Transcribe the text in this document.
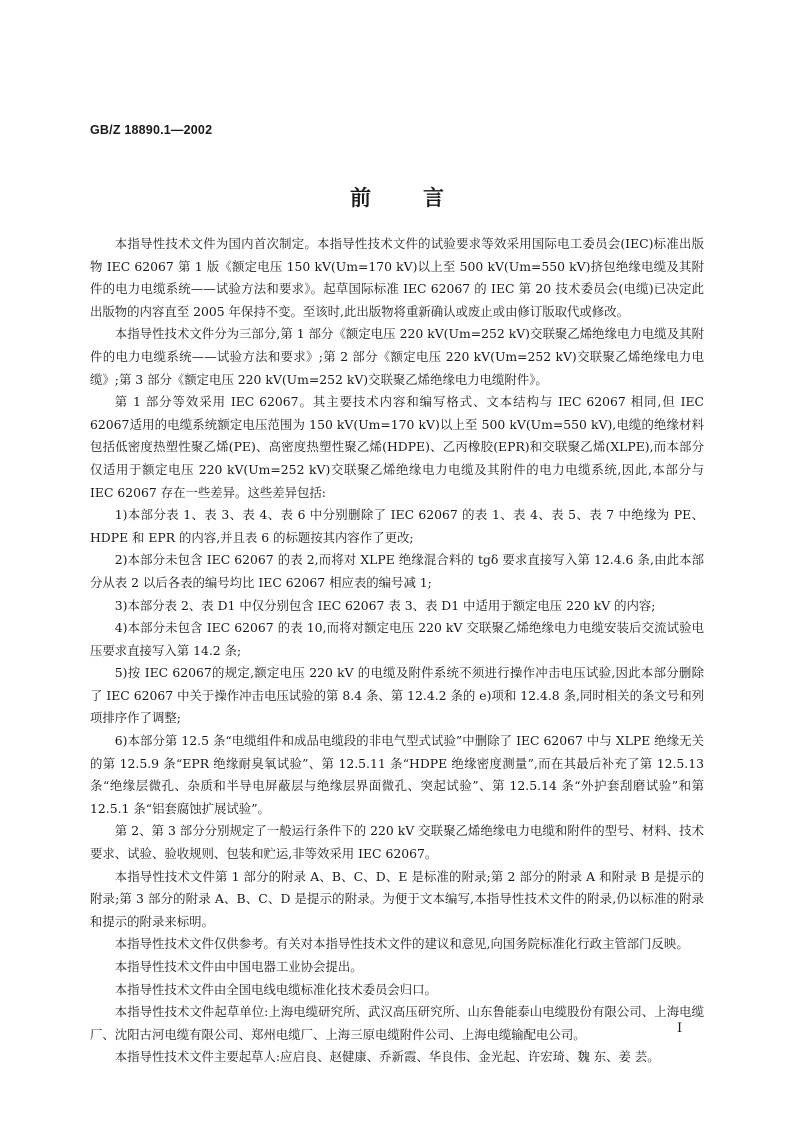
GB/Z 18890.1—2002
前言

本指导性技术文件为国内首次制定。本指导性技术文件的试验要求等效采用国际电工委员会(IEC)标准出版物 IEC 62067 第 1 版《额定电压 150 kV(Um=170 kV)以上至 500 kV(Um=550 kV)挤包绝缘电缆及其附件的电力电缆系统——试验方法和要求》。起草国际标准 IEC 62067 的 IEC 第 20 技术委员会(电缆)已决定此出版物的内容直至 2005 年保持不变。至该时,此出版物将重新确认或废止或由修订版取代或修改。

本指导性技术文件分为三部分,第 1 部分《额定电压 220 kV(Um=252 kV)交联聚乙烯绝缘电力电缆及其附件的电力电缆系统——试验方法和要求》;第 2 部分《额定电压 220 kV(Um=252 kV)交联聚乙烯绝缘电力电缆》;第 3 部分《额定电压 220 kV(Um=252 kV)交联聚乙烯绝缘电力电缆附件》。

第 1 部分等效采用 IEC 62067。其主要技术内容和编写格式、文本结构与 IEC 62067 相同,但 IEC 62067适用的电缆系统额定电压范围为 150 kV(Um=170 kV)以上至 500 kV(Um=550 kV),电缆的绝缘材料包括低密度热塑性聚乙烯(PE)、高密度热塑性聚乙烯(HDPE)、乙丙橡胶(EPR)和交联聚乙烯(XLPE),而本部分仅适用于额定电压 220 kV(Um=252 kV)交联聚乙烯绝缘电力电缆及其附件的电力电缆系统,因此,本部分与 IEC 62067 存在一些差异。这些差异包括:

1)本部分表 1、表 3、表 4、表 6 中分别删除了 IEC 62067 的表 1、表 4、表 5、表 7 中绝缘为 PE、HDPE 和 EPR 的内容,并且表 6 的标题按其内容作了更改;

2)本部分未包含 IEC 62067 的表 2,而将对 XLPE 绝缘混合料的 tgδ 要求直接写入第 12.4.6 条,由此本部分从表 2 以后各表的编号均比 IEC 62067 相应表的编号减 1;

3)本部分表 2、表 D1 中仅分别包含 IEC 62067 表 3、表 D1 中适用于额定电压 220 kV 的内容;

4)本部分未包含 IEC 62067 的表 10,而将对额定电压 220 kV 交联聚乙烯绝缘电力电缆安装后交流试验电压要求直接写入第 14.2 条;

5)按 IEC 62067的规定,额定电压 220 kV 的电缆及附件系统不须进行操作冲击电压试验,因此本部分删除了 IEC 62067 中关于操作冲击电压试验的第 8.4 条、第 12.4.2 条的 e)项和 12.4.8 条,同时相关的条文号和列项排序作了调整;

6)本部分第 12.5 条“电缆组件和成品电缆段的非电气型式试验”中删除了 IEC 62067 中与 XLPE 绝缘无关的第 12.5.9 条“EPR 绝缘耐臭氧试验”、第 12.5.11 条“HDPE 绝缘密度测量”,而在其最后补充了第 12.5.13 条“绝缘层微孔、杂质和半导电屏蔽层与绝缘层界面微孔、突起试验”、第 12.5.14 条“外护套刮磨试验”和第 12.5.1 条“铝套腐蚀扩展试验”。

第 2、第 3 部分分别规定了一般运行条件下的 220 kV 交联聚乙烯绝缘电力电缆和附件的型号、材料、技术要求、试验、验收规则、包装和贮运,非等效采用 IEC 62067。

本指导性技术文件第 1 部分的附录 A、B、C、D、E 是标准的附录;第 2 部分的附录 A 和附录 B 是提示的附录;第 3 部分的附录 A、B、C、D 是提示的附录。为便于文本编写,本指导性技术文件的附录,仍以标准的附录和提示的附录来标明。

本指导性技术文件仅供参考。有关对本指导性技术文件的建议和意见,向国务院标准化行政主管部门反映。

本指导性技术文件由中国电器工业协会提出。

本指导性技术文件由全国电线电缆标准化技术委员会归口。

本指导性技术文件起草单位:上海电缆研究所、武汉高压研究所、山东鲁能泰山电缆股份有限公司、上海电缆厂、沈阳古河电缆有限公司、郑州电缆厂、上海三原电缆附件公司、上海电缆输配电公司。

本指导性技术文件主要起草人:应启良、赵健康、乔新霞、华良伟、金光起、许宏琦、魏 东、姜 芸。

I
